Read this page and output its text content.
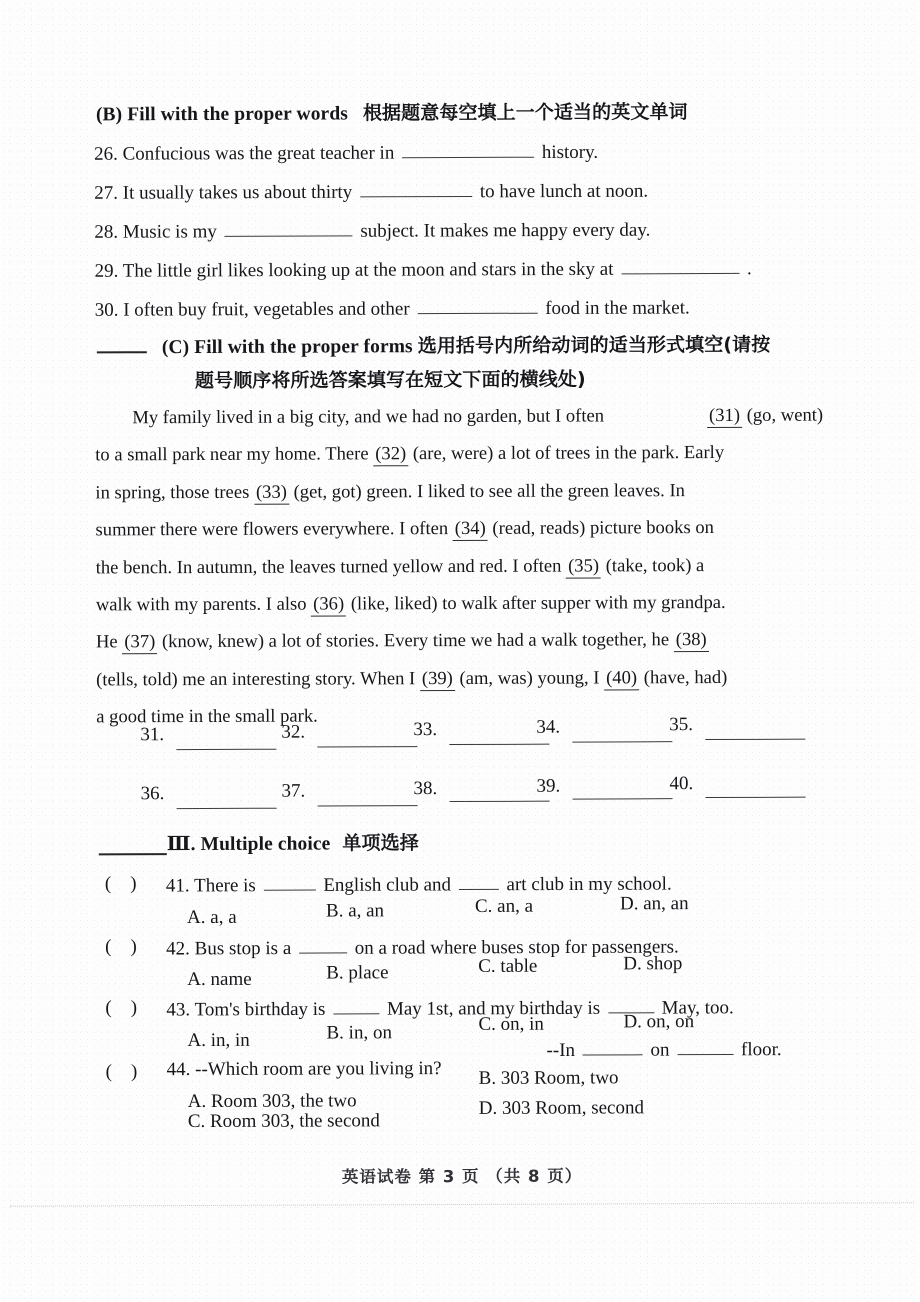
(B) Fill with the proper words 根据题意每空填上一个适当的英文单词
26. Confucious was the great teacher in	history.
27. It usually takes us about thirty	to have lunch at noon.
28. Music is my	subject. It makes me happy every day.
29. The little girl likes looking up at the moon and stars in the sky at	.
30. I often buy fruit, vegetables and other	food in the market.
(C) Fill with the proper forms 选用括号内所给动词的适当形式填空(请按
题号顺序将所选答案填写在短文下面的横线处)
My family lived in a big city, and we had no garden, but I often	(31) (go, went)
to a small park near my home. There (32) (are, were) a lot of trees in the park. Early
in spring, those trees (33) (get, got) green. I liked to see all the green leaves. In
summer there were flowers everywhere. I often (34) (read, reads) picture books on
the bench. In autumn, the leaves turned yellow and red. I often (35) (take, took) a
walk with my parents. I also (36) (like, liked) to walk after supper with my grandpa.
He (37) (know, knew) a lot of stories. Every time we had a walk together, he (38)
(tells, told) me an interesting story. When I (39) (am, was) young, I (40) (have, had)
a good time in the small park.
31.	32.	33.	34.	35.
36.	37.	38.	39.	40.
Ⅲ. Multiple choice 单项选择
(    ) 41. There is	English club and	art club in my school.
A. a, a	B. a, an	C. an, a	D. an, an
(    ) 42. Bus stop is a	on a road where buses stop for passengers.
A. name	B. place	C. table	D. shop
(    ) 43. Tom's birthday is	May 1st, and my birthday is	May, too.
A. in, in	B. in, on	C. on, in	D. on, on
(    ) 44. --Which room are you living in?
--In	on	floor.
A. Room 303, the two
B. 303 Room, two
C. Room 303, the second
D. 303 Room, second
英语试卷 第 3 页 （共 8 页）
